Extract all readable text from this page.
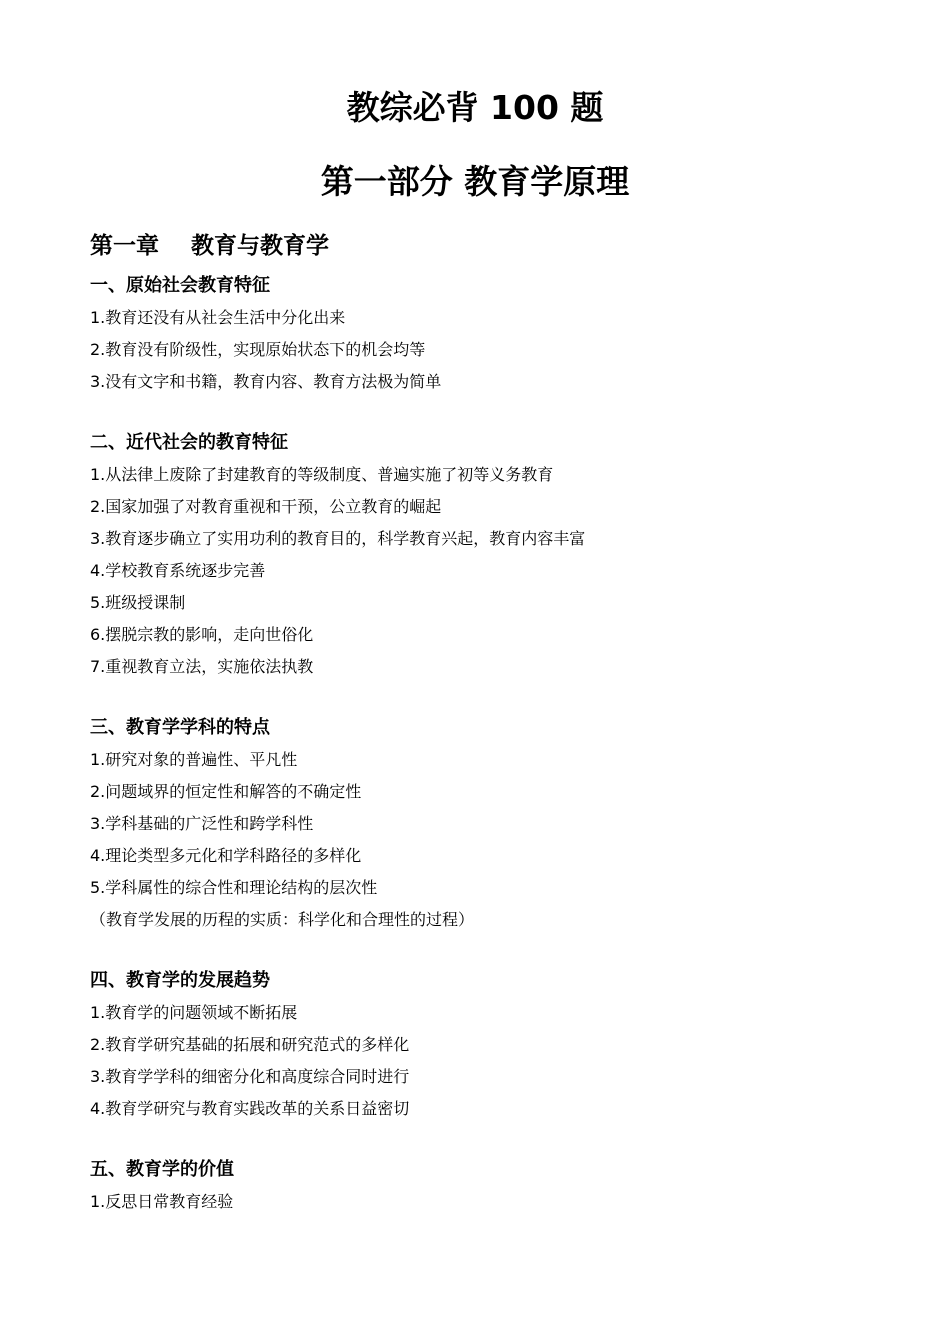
教综必背 100 题
第一部分 教育学原理
第一章    教育与教育学
一、原始社会教育特征
1.教育还没有从社会生活中分化出来
2.教育没有阶级性，实现原始状态下的机会均等
3.没有文字和书籍，教育内容、教育方法极为简单
二、近代社会的教育特征
1.从法律上废除了封建教育的等级制度、普遍实施了初等义务教育
2.国家加强了对教育重视和干预，公立教育的崛起
3.教育逐步确立了实用功利的教育目的，科学教育兴起，教育内容丰富
4.学校教育系统逐步完善
5.班级授课制
6.摆脱宗教的影响，走向世俗化
7.重视教育立法，实施依法执教
三、教育学学科的特点
1.研究对象的普遍性、平凡性
2.问题域界的恒定性和解答的不确定性
3.学科基础的广泛性和跨学科性
4.理论类型多元化和学科路径的多样化
5.学科属性的综合性和理论结构的层次性
（教育学发展的历程的实质：科学化和合理性的过程）
四、教育学的发展趋势
1.教育学的问题领域不断拓展
2.教育学研究基础的拓展和研究范式的多样化
3.教育学学科的细密分化和高度综合同时进行
4.教育学研究与教育实践改革的关系日益密切
五、教育学的价值
1.反思日常教育经验
